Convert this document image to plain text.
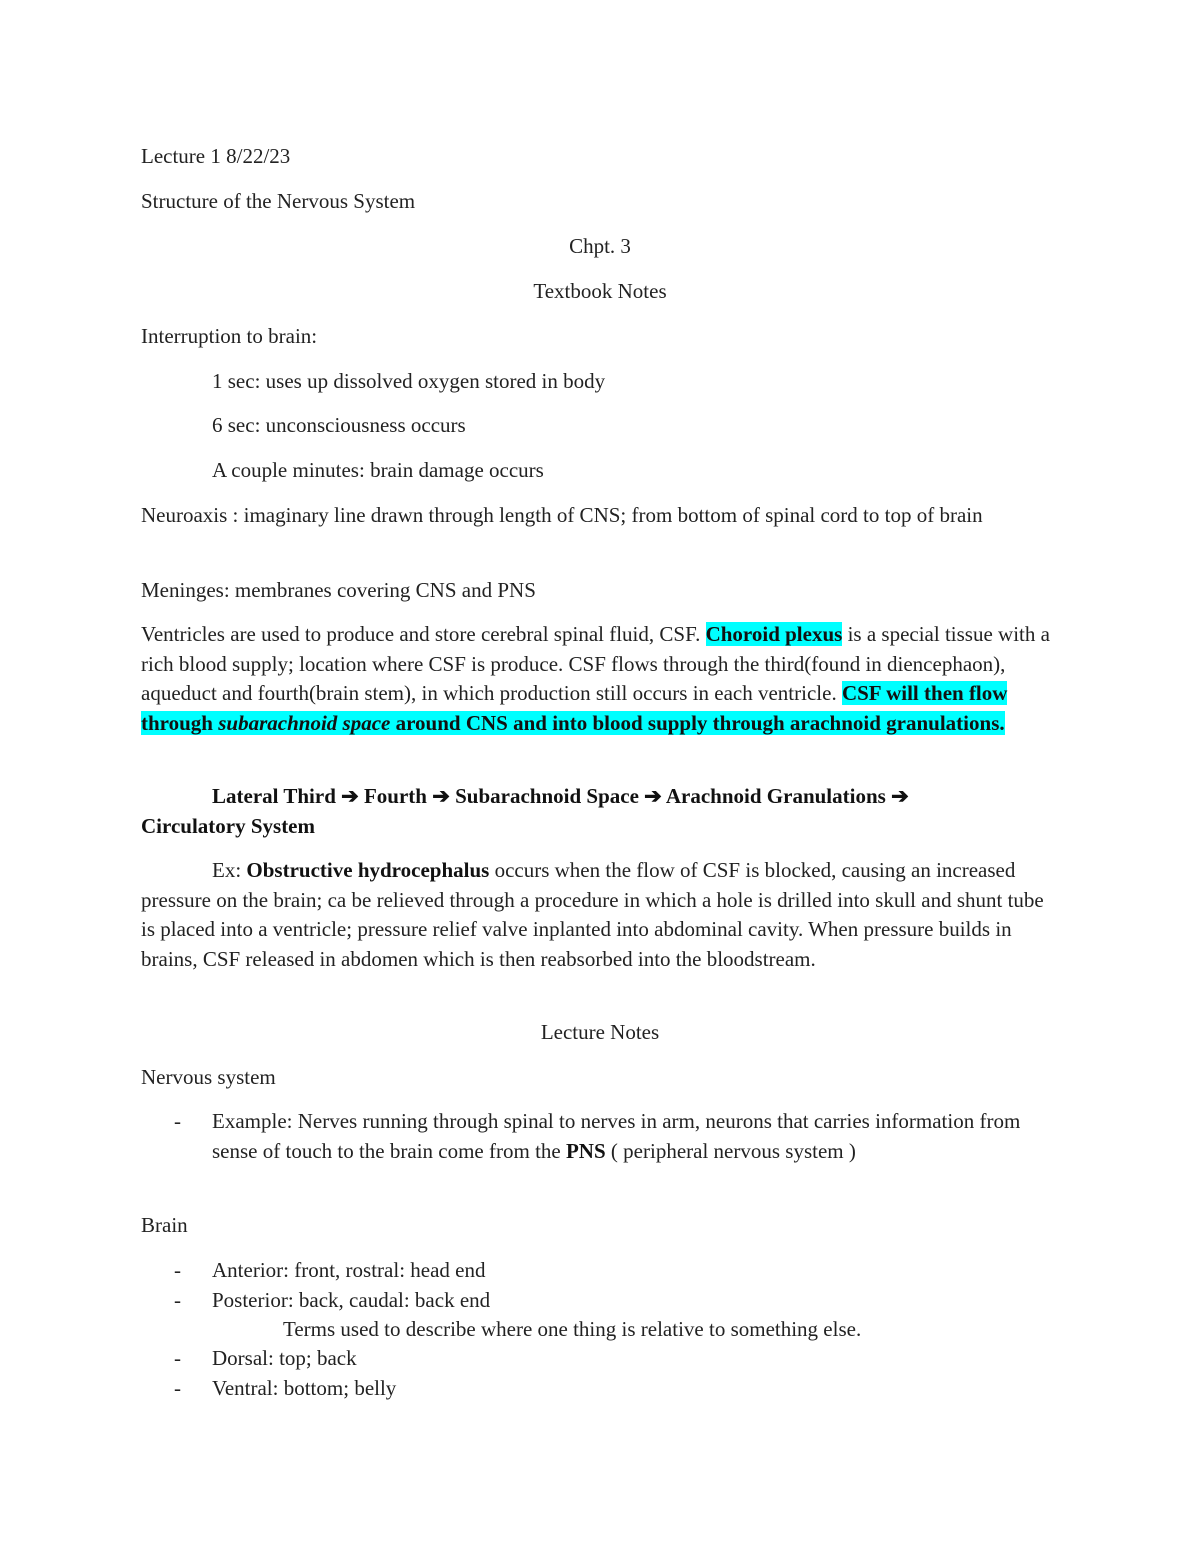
Lecture 1 8/22/23

Structure of the Nervous System

Chpt. 3

Textbook Notes

Interruption to brain:

1 sec: uses up dissolved oxygen stored in body

6 sec: unconsciousness occurs

A couple minutes: brain damage occurs

Neuroaxis : imaginary line drawn through length of CNS; from bottom of spinal cord to top of brain

Meninges: membranes covering CNS and PNS

Ventricles are used to produce and store cerebral spinal fluid, CSF. Choroid plexus is a special tissue with a rich blood supply; location where CSF is produce. CSF flows through the third(found in diencephaon), aqueduct and fourth(brain stem), in which production still occurs in each ventricle. CSF will then flow through subarachnoid space around CNS and into blood supply through arachnoid granulations.

Lateral Third ➔ Fourth ➔ Subarachnoid Space ➔ Arachnoid Granulations ➔
Circulatory System

Ex: Obstructive hydrocephalus occurs when the flow of CSF is blocked, causing an increased pressure on the brain; ca be relieved through a procedure in which a hole is drilled into skull and shunt tube is placed into a ventricle; pressure relief valve inplanted into abdominal cavity. When pressure builds in brains, CSF released in abdomen which is then reabsorbed into the bloodstream.

Lecture Notes

Nervous system

- Example: Nerves running through spinal to nerves in arm, neurons that carries information from sense of touch to the brain come from the PNS ( peripheral nervous system )

Brain

- Anterior: front, rostral: head end
- Posterior: back, caudal: back end

Terms used to describe where one thing is relative to something else.

- Dorsal: top; back
- Ventral: bottom; belly
